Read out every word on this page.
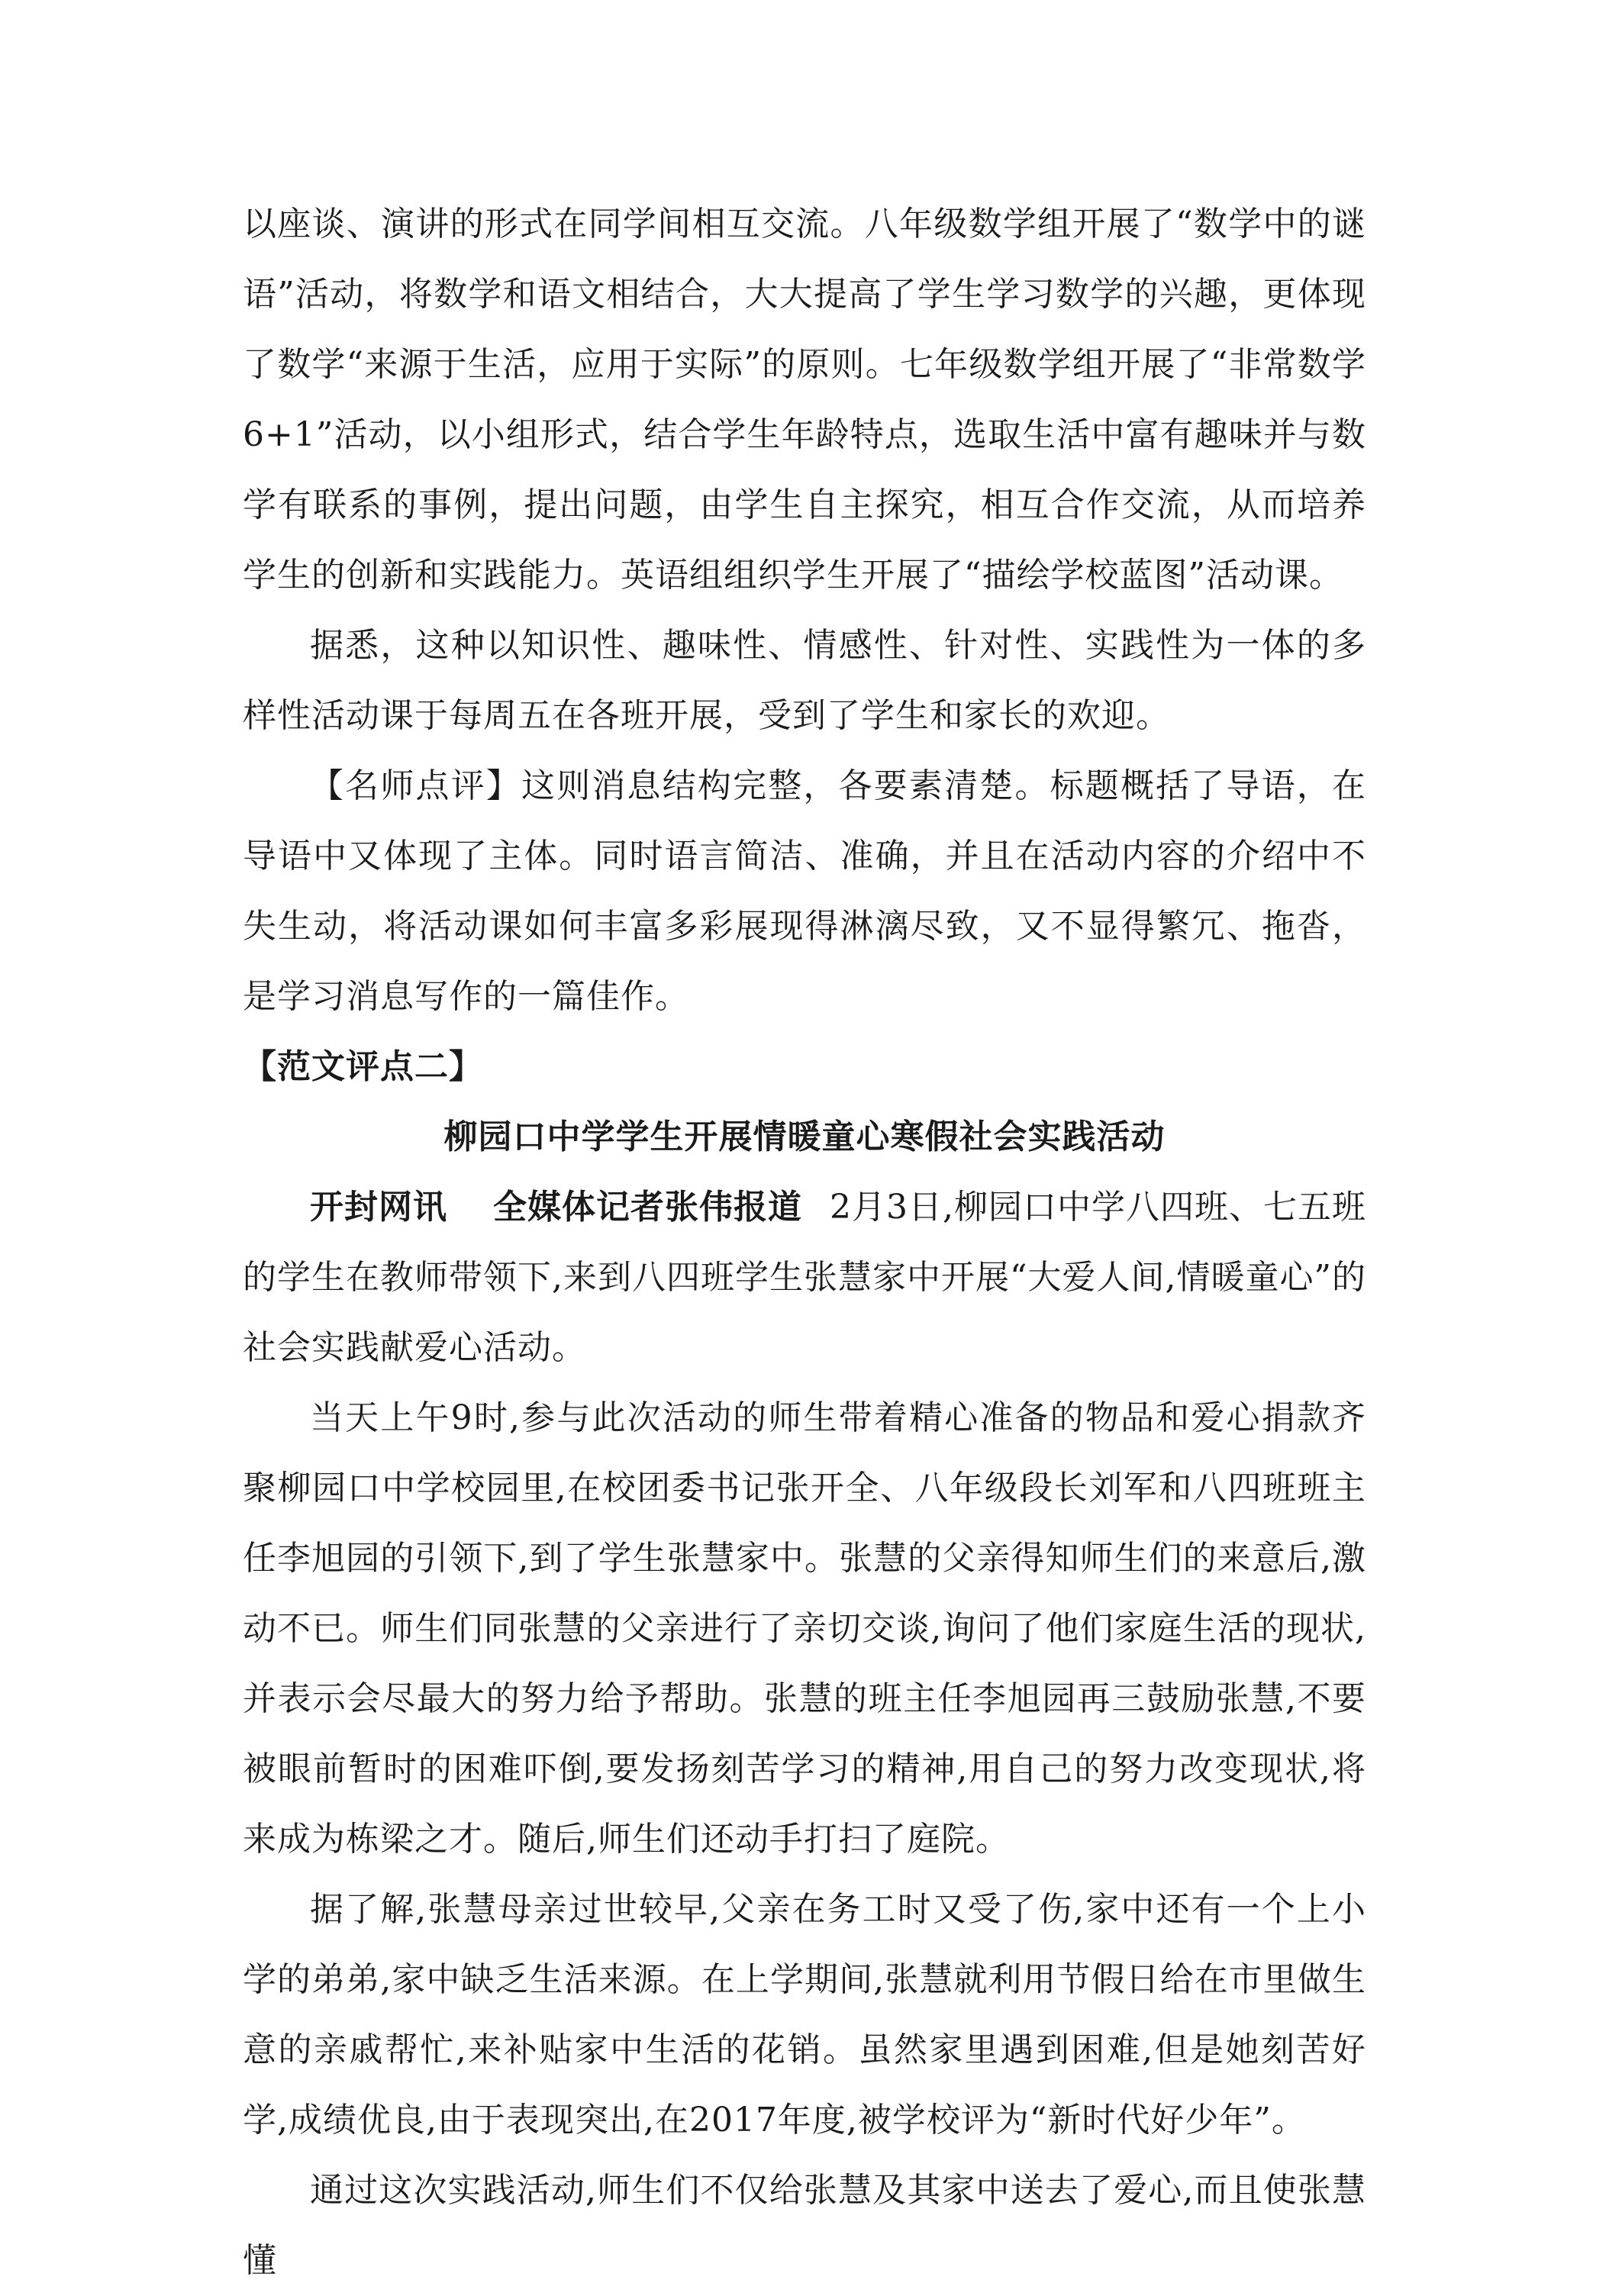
以座谈、演讲的形式在同学间相互交流。八年级数学组开展了“数学中的谜语”活动，将数学和语文相结合，大大提高了学生学习数学的兴趣，更体现了数学“来源于生活，应用于实际”的原则。七年级数学组开展了“非常数学6+1”活动，以小组形式，结合学生年龄特点，选取生活中富有趣味并与数学有联系的事例，提出问题，由学生自主探究，相互合作交流，从而培养学生的创新和实践能力。英语组组织学生开展了“描绘学校蓝图”活动课。

据悉，这种以知识性、趣味性、情感性、针对性、实践性为一体的多样性活动课于每周五在各班开展，受到了学生和家长的欢迎。

【名师点评】这则消息结构完整，各要素清楚。标题概括了导语，在导语中又体现了主体。同时语言简洁、准确，并且在活动内容的介绍中不失生动，将活动课如何丰富多彩展现得淋漓尽致，又不显得繁冗、拖沓，是学习消息写作的一篇佳作。

【范文评点二】

柳园口中学学生开展情暖童心寒假社会实践活动

开封网讯 全媒体记者张伟报道 2月3日,柳园口中学八四班、七五班的学生在教师带领下,来到八四班学生张慧家中开展“大爱人间,情暖童心”的社会实践献爱心活动。

当天上午9时,参与此次活动的师生带着精心准备的物品和爱心捐款齐聚柳园口中学校园里,在校团委书记张开全、八年级段长刘军和八四班班主任李旭园的引领下,到了学生张慧家中。张慧的父亲得知师生们的来意后,激动不已。师生们同张慧的父亲进行了亲切交谈,询问了他们家庭生活的现状,并表示会尽最大的努力给予帮助。张慧的班主任李旭园再三鼓励张慧,不要被眼前暂时的困难吓倒,要发扬刻苦学习的精神,用自己的努力改变现状,将来成为栋梁之才。随后,师生们还动手打扫了庭院。

据了解,张慧母亲过世较早,父亲在务工时又受了伤,家中还有一个上小学的弟弟,家中缺乏生活来源。在上学期间,张慧就利用节假日给在市里做生意的亲戚帮忙,来补贴家中生活的花销。虽然家里遇到困难,但是她刻苦好学,成绩优良,由于表现突出,在2017年度,被学校评为“新时代好少年”。

通过这次实践活动,师生们不仅给张慧及其家中送去了爱心,而且使张慧懂
